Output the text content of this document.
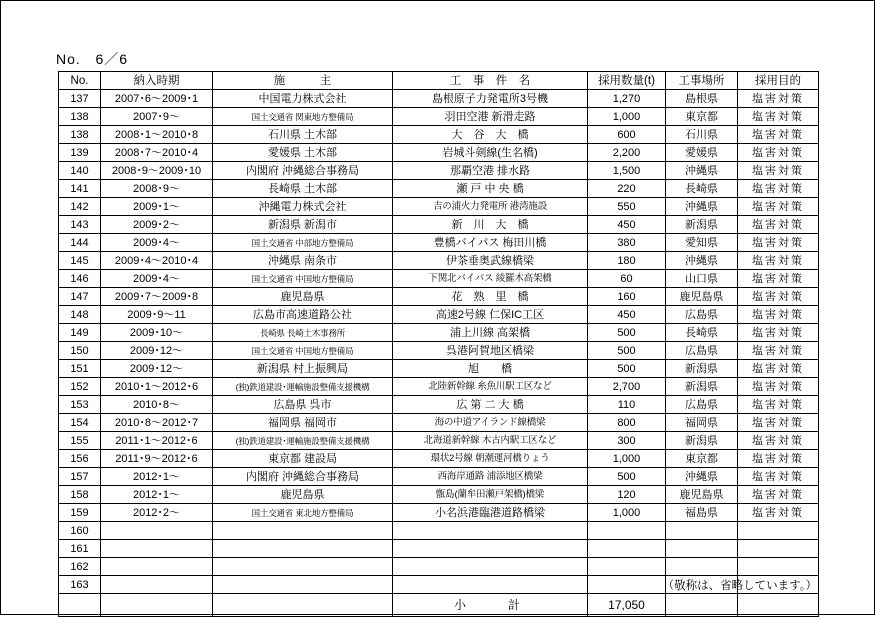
No.   6／6
No.	納入時期	施　　　主	工　事　件　名	採用数量(t)	工事場所	採用目的
137	2007･6～2009･1	中国電力株式会社	島根原子力発電所3号機	1,270	島根県	塩害対策
138	2007･9～	国土交通省 関東地方整備局	羽田空港 新滑走路	1,000	東京都	塩害対策
138	2008･1～2010･8	石川県 土木部	大　谷　大　橋	600	石川県	塩害対策
139	2008･7～2010･4	愛媛県 土木部	岩城斗剣線(生名橋)	2,200	愛媛県	塩害対策
140	2008･9～2009･10	内閣府 沖縄総合事務局	那覇空港 排水路	1,500	沖縄県	塩害対策
141	2008･9～	長崎県 土木部	瀬 戸 中 央 橋	220	長崎県	塩害対策
142	2009･1～	沖縄電力株式会社	吉の浦火力発電所 港湾施設	550	沖縄県	塩害対策
143	2009･2～	新潟県 新潟市	新　川　大　橋	450	新潟県	塩害対策
144	2009･4～	国土交通省 中部地方整備局	豊橋バイパス 梅田川橋	380	愛知県	塩害対策
145	2009･4～2010･4	沖縄県 南条市	伊茶垂奥武線橋梁	180	沖縄県	塩害対策
146	2009･4～	国土交通省 中国地方整備局	下関北バイパス 綾羅木高架橋	60	山口県	塩害対策
147	2009･7～2009･8	鹿児島県	花　熟　里　橋	160	鹿児島県	塩害対策
148	2009･9～11	広島市高速道路公社	高速2号線 仁保IC工区	450	広島県	塩害対策
149	2009･10～	長崎県 長崎土木事務所	浦上川線 高架橋	500	長崎県	塩害対策
150	2009･12～	国土交通省 中国地方整備局	呉港阿賀地区橋梁	500	広島県	塩害対策
151	2009･12～	新潟県 村上振興局	旭　　橋	500	新潟県	塩害対策
152	2010･1～2012･6	(独)鉄道建設･運輸施設整備支援機構	北陸新幹線 糸魚川駅工区など	2,700	新潟県	塩害対策
153	2010･8～	広島県 呉市	広 第 二 大 橋	110	広島県	塩害対策
154	2010･8～2012･7	福岡県 福岡市	海の中道アイランド線橋梁	800	福岡県	塩害対策
155	2011･1～2012･6	(独)鉄道建設･運輸施設整備支援機構	北海道新幹線 木古内駅工区など	300	新潟県	塩害対策
156	2011･9～2012･6	東京都 建設局	環状2号線 朝潮運河橋りょう	1,000	東京都	塩害対策
157	2012･1～	内閣府 沖縄総合事務局	西海岸通路 浦添地区橋梁	500	沖縄県	塩害対策
158	2012･1～	鹿児島県	甑島(蘭牟田瀬戸架橋)橋梁	120	鹿児島県	塩害対策
159	2012･2～	国土交通省 東北地方整備局	小名浜港臨港道路橋梁	1,000	福島県	塩害対策
160						
161						
162						
163						
			小　　計	17,050		
（敬称は、省略しています。）
